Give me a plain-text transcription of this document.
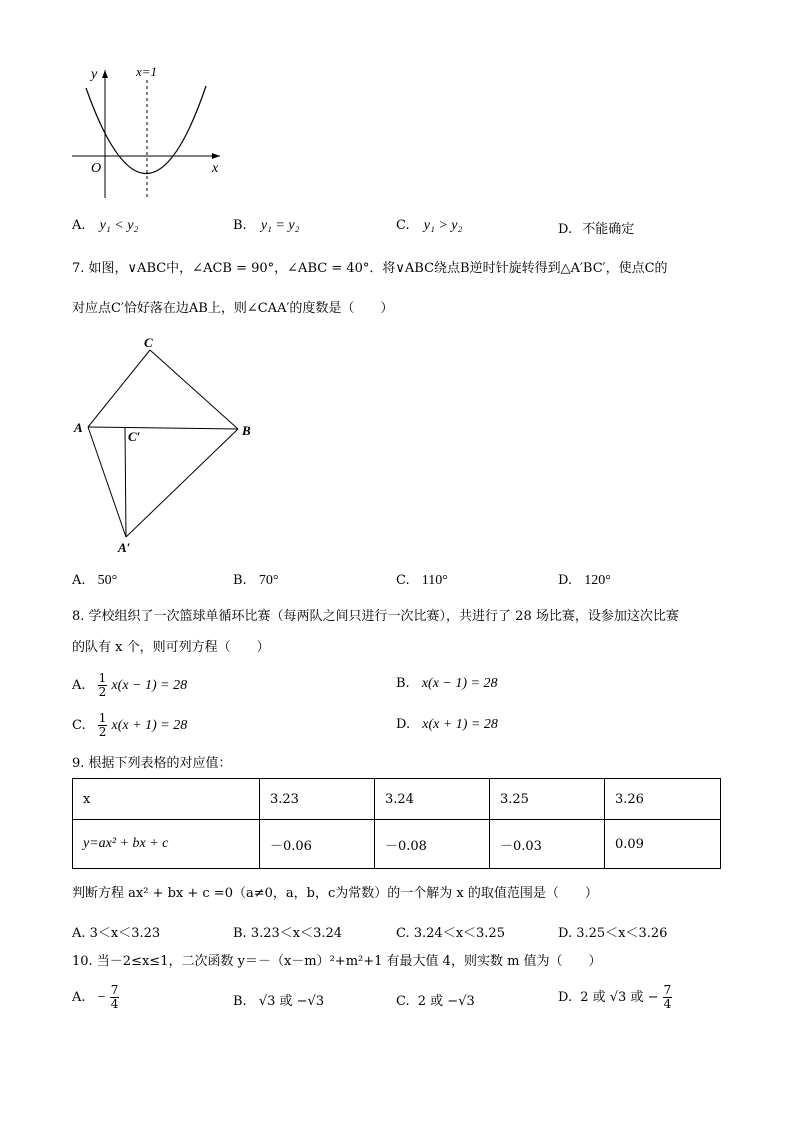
y
x
O
x=1
A. y₁ < y₂	B. y₁ = y₂	C. y₁ > y₂	D. 不能确定
7. 如图，∨ABC中，∠ACB = 90°，∠ABC = 40°．将∨ABC绕点B逆时针旋转得到△A′BC′，使点C的
对应点C′恰好落在边AB上，则∠CAA′的度数是（　　）
C
A	B
C′
A′
A. 50°	B. 70°	C. 110°	D. 120°
8. 学校组织了一次篮球单循环比赛（每两队之间只进行一次比赛），共进行了 28 场比赛，设参加这次比赛
的队有 x 个，则可列方程（　　）
A. $\frac{1}{2} x(x - 1) = 28$	B. x(x − 1) = 28
C. $\frac{1}{2} x(x + 1) = 28$	D. x(x + 1) = 28
9. 根据下列表格的对应值：
x	3.23	3.24	3.25	3.26
y=ax² + bx + c	－0.06	－0.08	－0.03	0.09
判断方程 ax² + bx + c =0（a≠0，a，b，c为常数）的一个解为 x 的取值范围是（　　）
A. 3＜x＜3.23	B. 3.23＜x＜3.24	C. 3.24＜x＜3.25	D. 3.25＜x＜3.26
10. 当－2≤x≤1，二次函数 y＝－（x－m）²+m²+1 有最大值 4，则实数 m 值为（　　）
A. − $\frac{7}{4}$	B. √3 或 −√3	C. 2 或 −√3	D. 2 或 √3 或 − $\frac{7}{4}$
